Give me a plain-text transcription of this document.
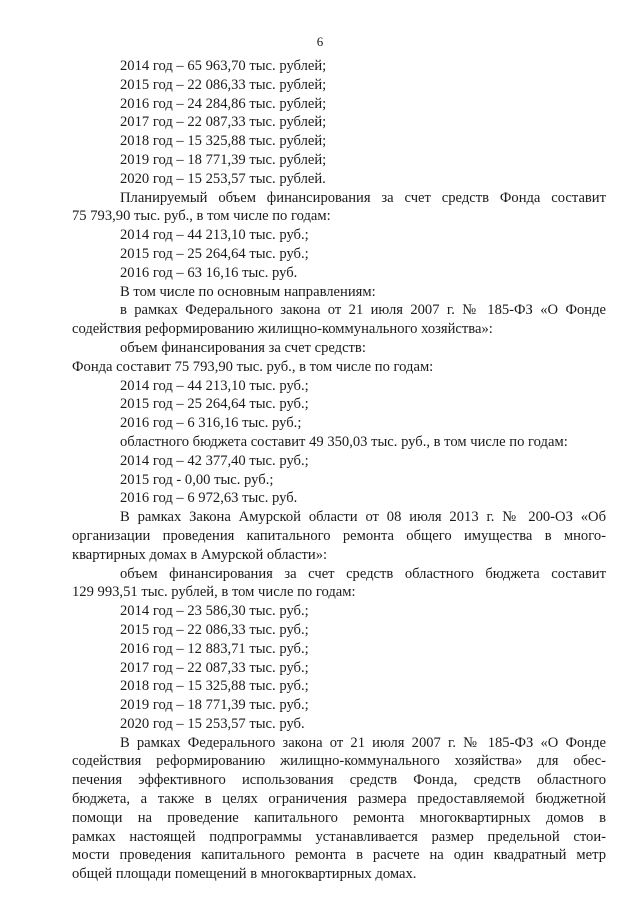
6
2014 год – 65 963,70 тыс. рублей;
2015 год – 22 086,33 тыс. рублей;
2016 год – 24 284,86 тыс. рублей;
2017 год – 22 087,33 тыс. рублей;
2018 год – 15 325,88 тыс. рублей;
2019 год – 18 771,39 тыс. рублей;
2020 год – 15 253,57 тыс. рублей.

Планируемый объем финансирования за счет средств Фонда составит
75 793,90 тыс. руб., в том числе по годам:

2014 год – 44 213,10 тыс. руб.;
2015 год – 25 264,64 тыс. руб.;
2016 год – 63 16,16 тыс. руб.
В том числе по основным направлениям:

в рамках Федерального закона от 21 июля 2007 г. № 185-ФЗ «О Фонде
содействия реформированию жилищно-коммунального хозяйства»:

объем финансирования за счет средств:
Фонда составит 75 793,90 тыс. руб., в том числе по годам:
2014 год – 44 213,10 тыс. руб.;
2015 год – 25 264,64 тыс. руб.;
2016 год – 6 316,16 тыс. руб.;
областного бюджета составит 49 350,03 тыс. руб., в том числе по годам:
2014 год – 42 377,40 тыс. руб.;
2015 год - 0,00 тыс. руб.;
2016 год – 6 972,63 тыс. руб.

В рамках Закона Амурской области от 08 июля 2013 г. № 200-ОЗ «Об
организации проведения капитального ремонта общего имущества в много-
квартирных домах в Амурской области»:

объем финансирования за счет средств областного бюджета составит
129 993,51 тыс. рублей, в том числе по годам:

2014 год – 23 586,30 тыс. руб.;
2015 год – 22 086,33 тыс. руб.;
2016 год – 12 883,71 тыс. руб.;
2017 год – 22 087,33 тыс. руб.;
2018 год – 15 325,88 тыс. руб.;
2019 год – 18 771,39 тыс. руб.;
2020 год – 15 253,57 тыс. руб.

В рамках Федерального закона от 21 июля 2007 г. № 185-ФЗ «О Фонде
содействия реформированию жилищно-коммунального хозяйства» для обес-
печения эффективного использования средств Фонда, средств областного
бюджета, а также в целях ограничения размера предоставляемой бюджетной
помощи на проведение капитального ремонта многоквартирных домов в
рамках настоящей подпрограммы устанавливается размер предельной стои-
мости проведения капитального ремонта в расчете на один квадратный метр
общей площади помещений в многоквартирных домах.
